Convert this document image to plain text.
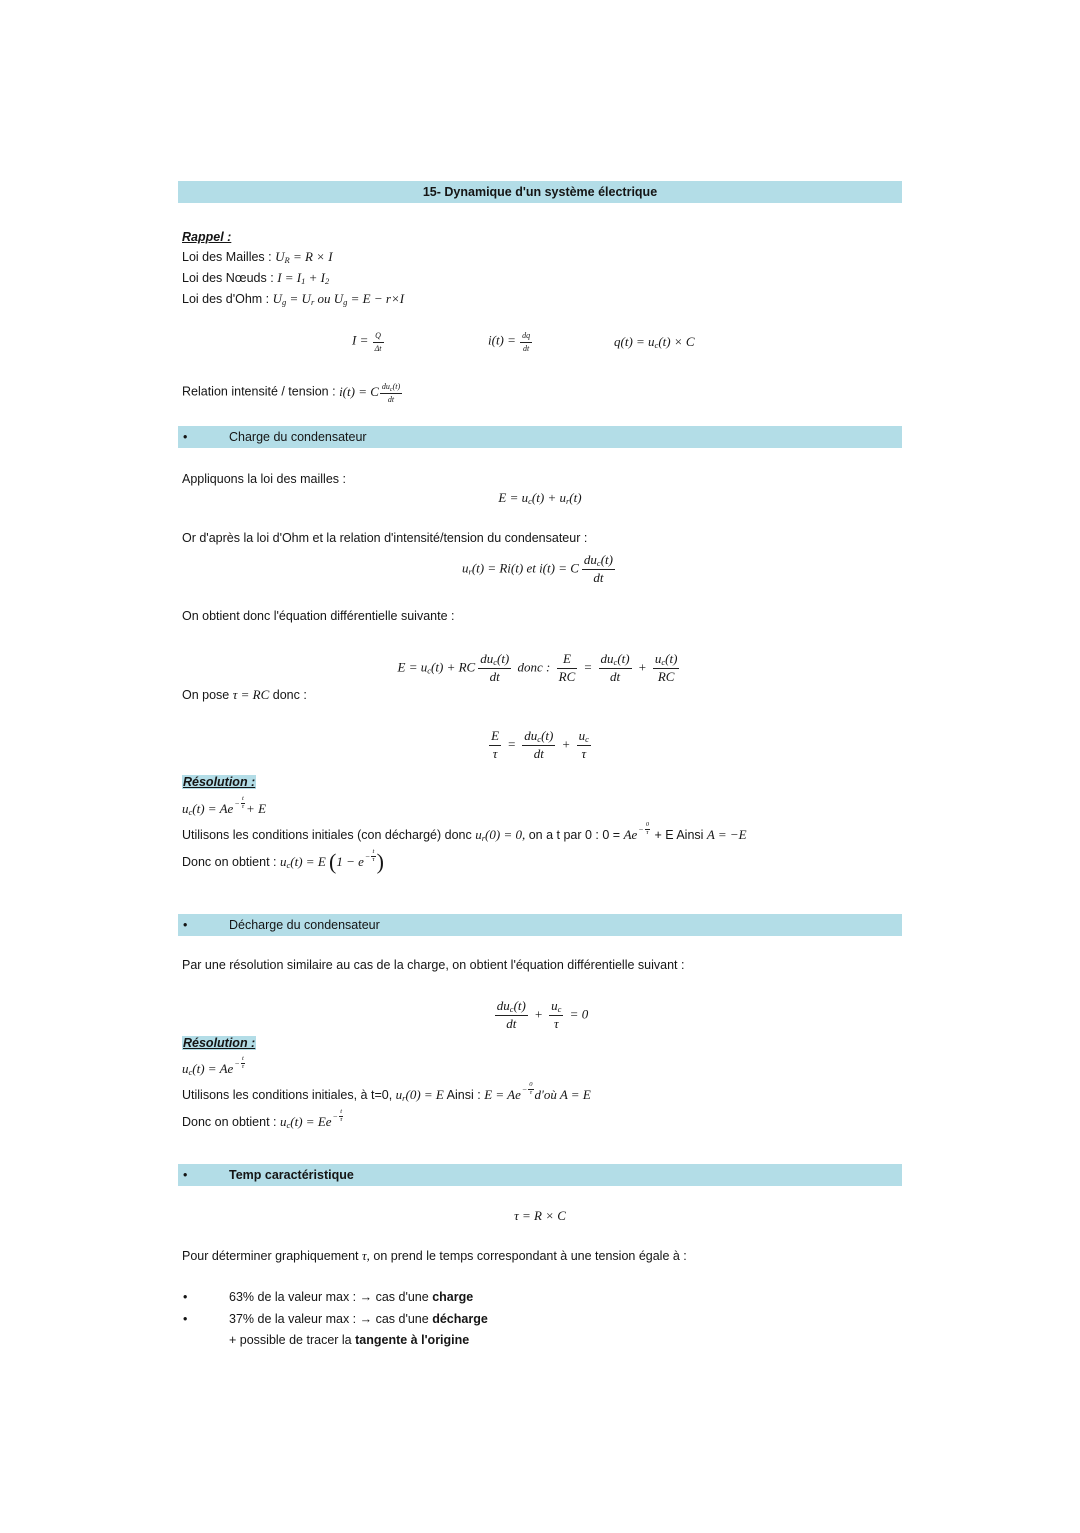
15- Dynamique d'un système électrique
Rappel :
Loi des Mailles : $U_R = R \times I$
Loi des Nœuds : $I = I_1 + I_2$
Loi des d'Ohm : $U_g = U_r$ ou $U_g = E - r\times I$
$I = \frac{Q}{\Delta t}$	$i(t) = \frac{dq}{dt}$	$q(t) = u_c(t) \times C$
Relation intensité / tension : i(t) = C $\frac{du_c(t)}{dt}$
•	Charge du condensateur
Appliquons la loi des mailles :
$E = u_c(t) + u_r(t)$
Or d'après la loi d'Ohm et la relation d'intensité/tension du condensateur :
$u_r(t) = Ri(t)$ et i(t) = C $\frac{du_c(t)}{dt}$
On obtient donc l'équation différentielle suivante :
$E = u_c(t)$ + RC $\frac{du_c(t)}{dt}$ donc : $\frac{E}{RC} = \frac{du_c(t)}{dt} + \frac{u_c(t)}{RC}$
On pose τ = RC donc :
$\frac{E}{\tau} = \frac{du_c(t)}{dt} + \frac{u_c}{\tau}$
Résolution :
$u_c(t) = Ae - \frac{t}{\tau} + E$
Utilisons les conditions initiales (con déchargé) donc $u_r(0) = 0$, on a t par 0 : $0 = Ae - \frac{0}{\tau} + E$ Ainsi A = −E
Donc on obtient : $u_c(t) = E$ ($1 - e - \frac{t}{\tau}$ )
•	Décharge du condensateur
Par une résolution similaire au cas de la charge, on obtient l'équation différentielle suivant :
$\frac{du_c(t)}{dt} + \frac{u_c}{\tau} = 0$
Résolution :
$u_c(t) = Ae - \frac{t}{\tau}$
Utilisons les conditions initiales, à t=0, $u_r(0) = E$ Ainsi : $E = Ae - \frac{0}{\tau}$ d'où A = E
Donc on obtient : $u_c(t) = Ee - \frac{t}{\tau}$
•	Temp caractéristique
τ = R × C
Pour déterminer graphiquement τ, on prend le temps correspondant à une tension égale à :
•	63% de la valeur max : → cas d'une charge
•	37% de la valeur max : → cas d'une décharge
+ possible de tracer la tangente à l'origine
